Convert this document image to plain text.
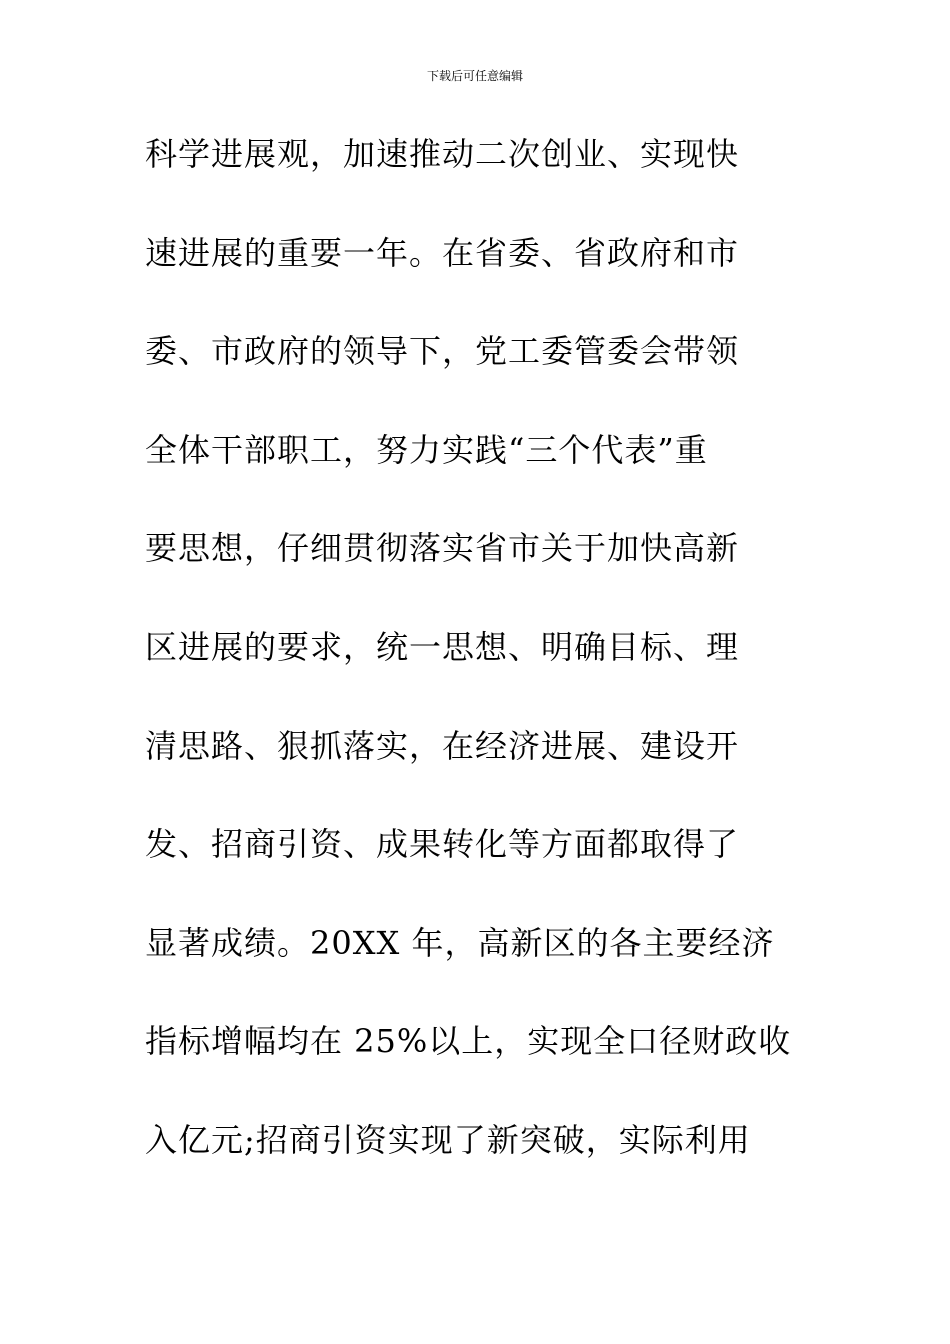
下载后可任意编辑
科学进展观，加速推动二次创业、实现快
速进展的重要一年。在省委、省政府和市
委、市政府的领导下，党工委管委会带领
全体干部职工，努力实践“三个代表”重
要思想，仔细贯彻落实省市关于加快高新
区进展的要求，统一思想、明确目标、理
清思路、狠抓落实，在经济进展、建设开
发、招商引资、成果转化等方面都取得了
显著成绩。20XX 年，高新区的各主要经济
指标增幅均在 25%以上，实现全口径财政收
入亿元;招商引资实现了新突破，实际利用
